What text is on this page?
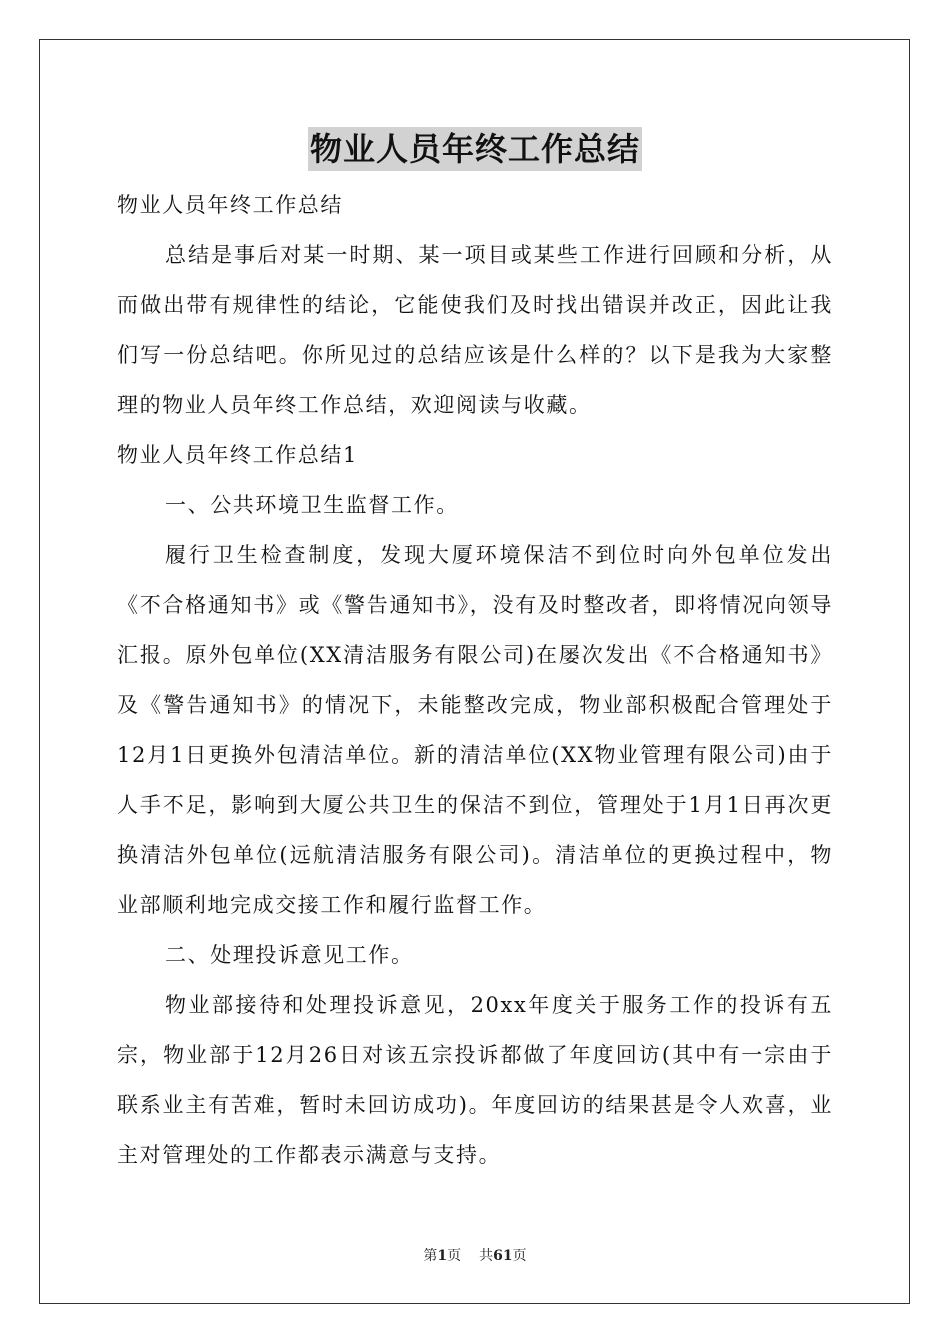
物业人员年终工作总结

物业人员年终工作总结

总结是事后对某一时期、某一项目或某些工作进行回顾和分析，从而做出带有规律性的结论，它能使我们及时找出错误并改正，因此让我们写一份总结吧。你所见过的总结应该是什么样的？以下是我为大家整理的物业人员年终工作总结，欢迎阅读与收藏。

物业人员年终工作总结1

一、公共环境卫生监督工作。

履行卫生检查制度，发现大厦环境保洁不到位时向外包单位发出《不合格通知书》或《警告通知书》，没有及时整改者，即将情况向领导汇报。原外包单位(XX清洁服务有限公司)在屡次发出《不合格通知书》及《警告通知书》的情况下，未能整改完成，物业部积极配合管理处于12月1日更换外包清洁单位。新的清洁单位(XX物业管理有限公司)由于人手不足，影响到大厦公共卫生的保洁不到位，管理处于1月1日再次更换清洁外包单位(远航清洁服务有限公司)。清洁单位的更换过程中，物业部顺利地完成交接工作和履行监督工作。

二、处理投诉意见工作。

物业部接待和处理投诉意见，20xx年度关于服务工作的投诉有五宗，物业部于12月26日对该五宗投诉都做了年度回访(其中有一宗由于联系业主有苦难，暂时未回访成功)。年度回访的结果甚是令人欢喜，业主对管理处的工作都表示满意与支持。

第1页 共61页
